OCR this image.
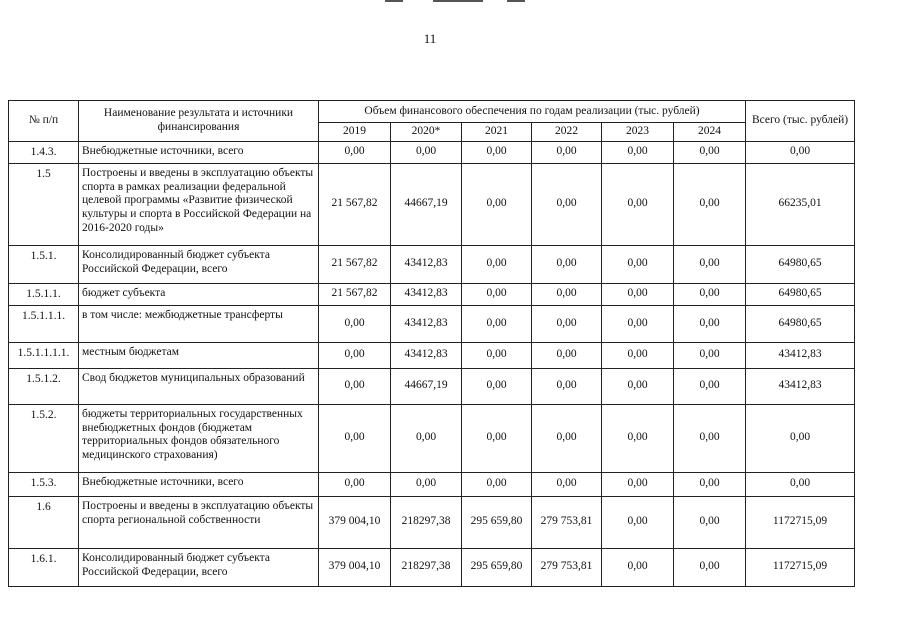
11
№ п/п	Наименование результата и источники финансирования	Объем финансового обеспечения по годам реализации (тыс. рублей)						Всего (тыс. рублей)
		2019	2020*	2021	2022	2023	2024	
1.4.3.	Внебюджетные источники, всего	0,00	0,00	0,00	0,00	0,00	0,00	0,00
1.5	Построены и введены в эксплуатацию объекты спорта в рамках реализации федеральной целевой программы «Развитие физической культуры и спорта в Российской Федерации на 2016-2020 годы»	21 567,82	44667,19	0,00	0,00	0,00	0,00	66235,01
1.5.1.	Консолидированный бюджет субъекта Российской Федерации, всего	21 567,82	43412,83	0,00	0,00	0,00	0,00	64980,65
1.5.1.1.	бюджет субъекта	21 567,82	43412,83	0,00	0,00	0,00	0,00	64980,65
1.5.1.1.1.	в том числе: межбюджетные трансферты	0,00	43412,83	0,00	0,00	0,00	0,00	64980,65
1.5.1.1.1.1.	местным бюджетам	0,00	43412,83	0,00	0,00	0,00	0,00	43412,83
1.5.1.2.	Свод бюджетов муниципальных образований	0,00	44667,19	0,00	0,00	0,00	0,00	43412,83
1.5.2.	бюджеты территориальных государственных внебюджетных фондов (бюджетам территориальных фондов обязательного медицинского страхования)	0,00	0,00	0,00	0,00	0,00	0,00	0,00
1.5.3.	Внебюджетные источники, всего	0,00	0,00	0,00	0,00	0,00	0,00	0,00
1.6	Построены и введены в эксплуатацию объекты спорта региональной собственности	379 004,10	218297,38	295 659,80	279 753,81	0,00	0,00	1172715,09
1.6.1.	Консолидированный бюджет субъекта Российской Федерации, всего	379 004,10	218297,38	295 659,80	279 753,81	0,00	0,00	1172715,09
